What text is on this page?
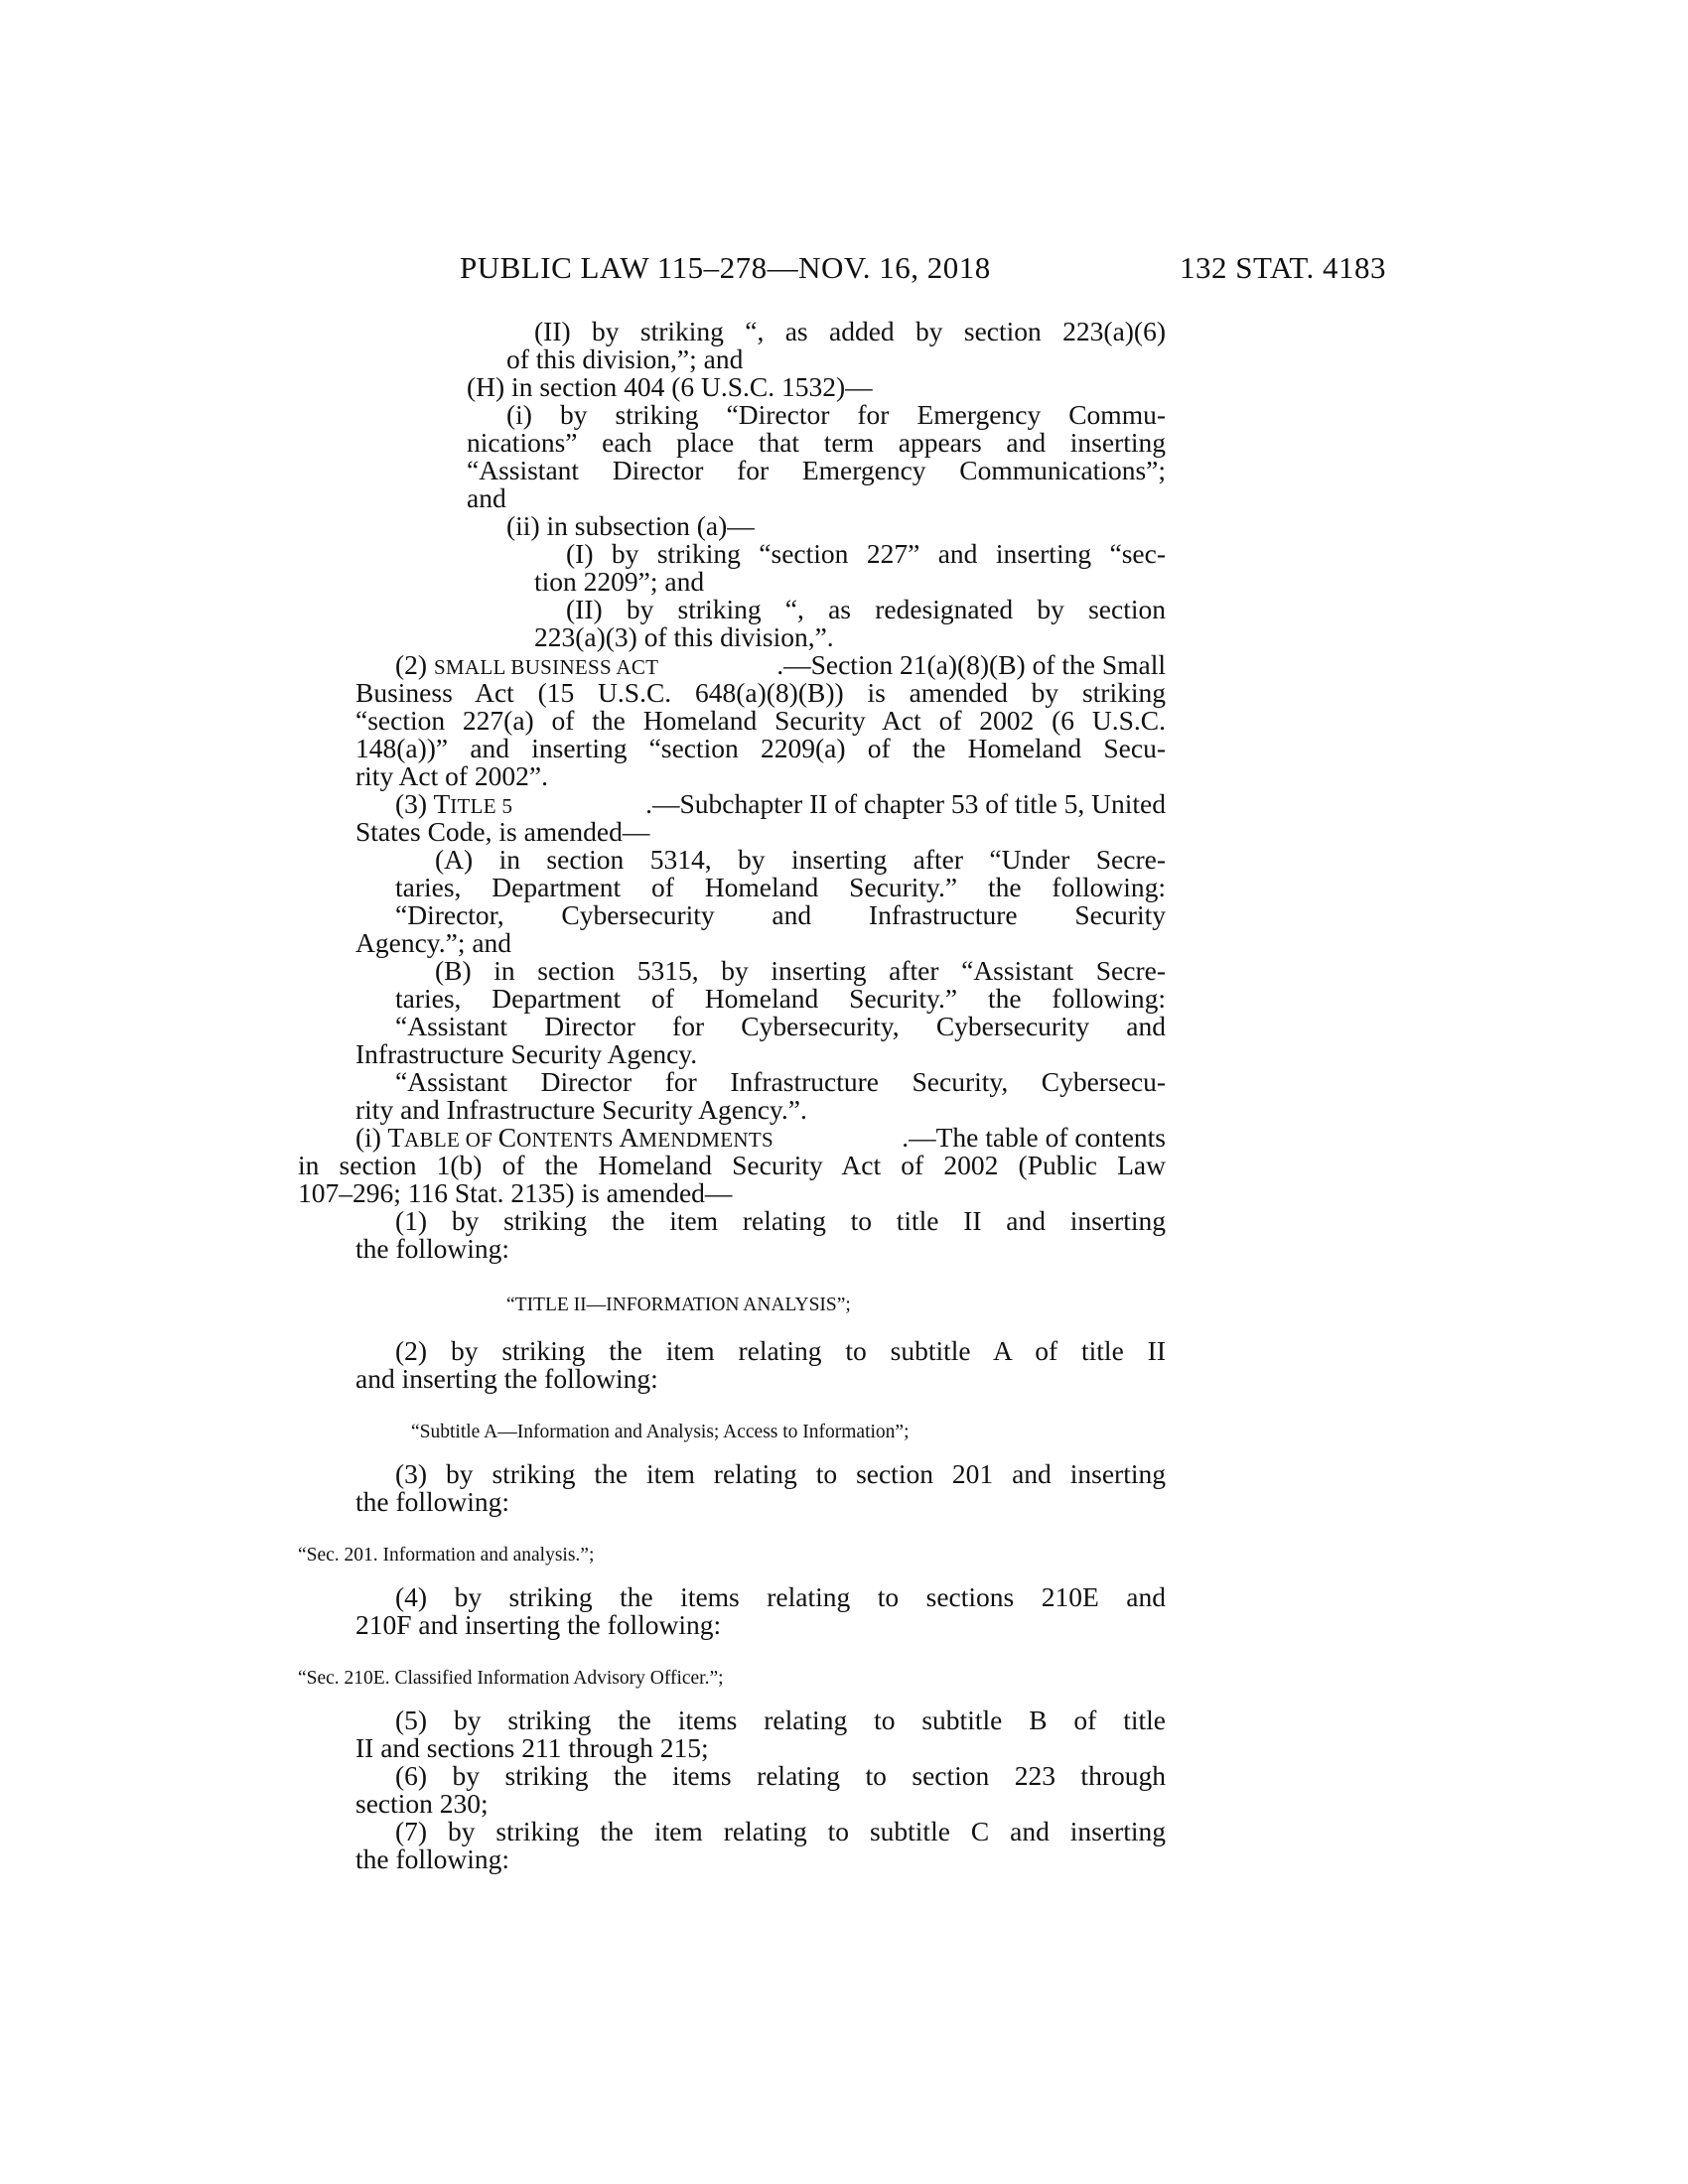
PUBLIC LAW 115–278—NOV. 16, 2018	132 STAT. 4183
(II) by striking “, as added by section 223(a)(6)
of this division,”; and
(H) in section 404 (6 U.S.C. 1532)—
(i) by striking “Director for Emergency Commu-
nications” each place that term appears and inserting
“Assistant Director for Emergency Communications”;
and
(ii) in subsection (a)—
(I) by striking “section 227” and inserting “sec-
tion 2209”; and
(II) by striking “, as redesignated by section
223(a)(3) of this division,”.
(2) SMALL BUSINESS ACT	.—Section 21(a)(8)(B) of the Small
Business Act (15 U.S.C. 648(a)(8)(B)) is amended by striking
“section 227(a) of the Homeland Security Act of 2002 (6 U.S.C.
148(a))” and inserting “section 2209(a) of the Homeland Secu-
rity Act of 2002”.
(3) TITLE 5	.—Subchapter II of chapter 53 of title 5, United
States Code, is amended—
(A) in section 5314, by inserting after “Under Secre-
taries, Department of Homeland Security.” the following:
“Director, Cybersecurity and Infrastructure Security
Agency.”; and
(B) in section 5315, by inserting after “Assistant Secre-
taries, Department of Homeland Security.” the following:
“Assistant Director for Cybersecurity, Cybersecurity and
Infrastructure Security Agency.
“Assistant Director for Infrastructure Security, Cybersecu-
rity and Infrastructure Security Agency.”.
(i) TABLE OF CONTENTS AMENDMENTS	.—The table of contents
in section 1(b) of the Homeland Security Act of 2002 (Public Law
107–296; 116 Stat. 2135) is amended—
(1) by striking the item relating to title II and inserting
the following:
“TITLE II—INFORMATION ANALYSIS”;
(2) by striking the item relating to subtitle A of title II
and inserting the following:
“Subtitle A—Information and Analysis; Access to Information”;
(3) by striking the item relating to section 201 and inserting
the following:
“Sec. 201. Information and analysis.”;
(4) by striking the items relating to sections 210E and
210F and inserting the following:
“Sec. 210E. Classified Information Advisory Officer.”;
(5) by striking the items relating to subtitle B of title
II and sections 211 through 215;
(6) by striking the items relating to section 223 through
section 230;
(7) by striking the item relating to subtitle C and inserting
the following:
